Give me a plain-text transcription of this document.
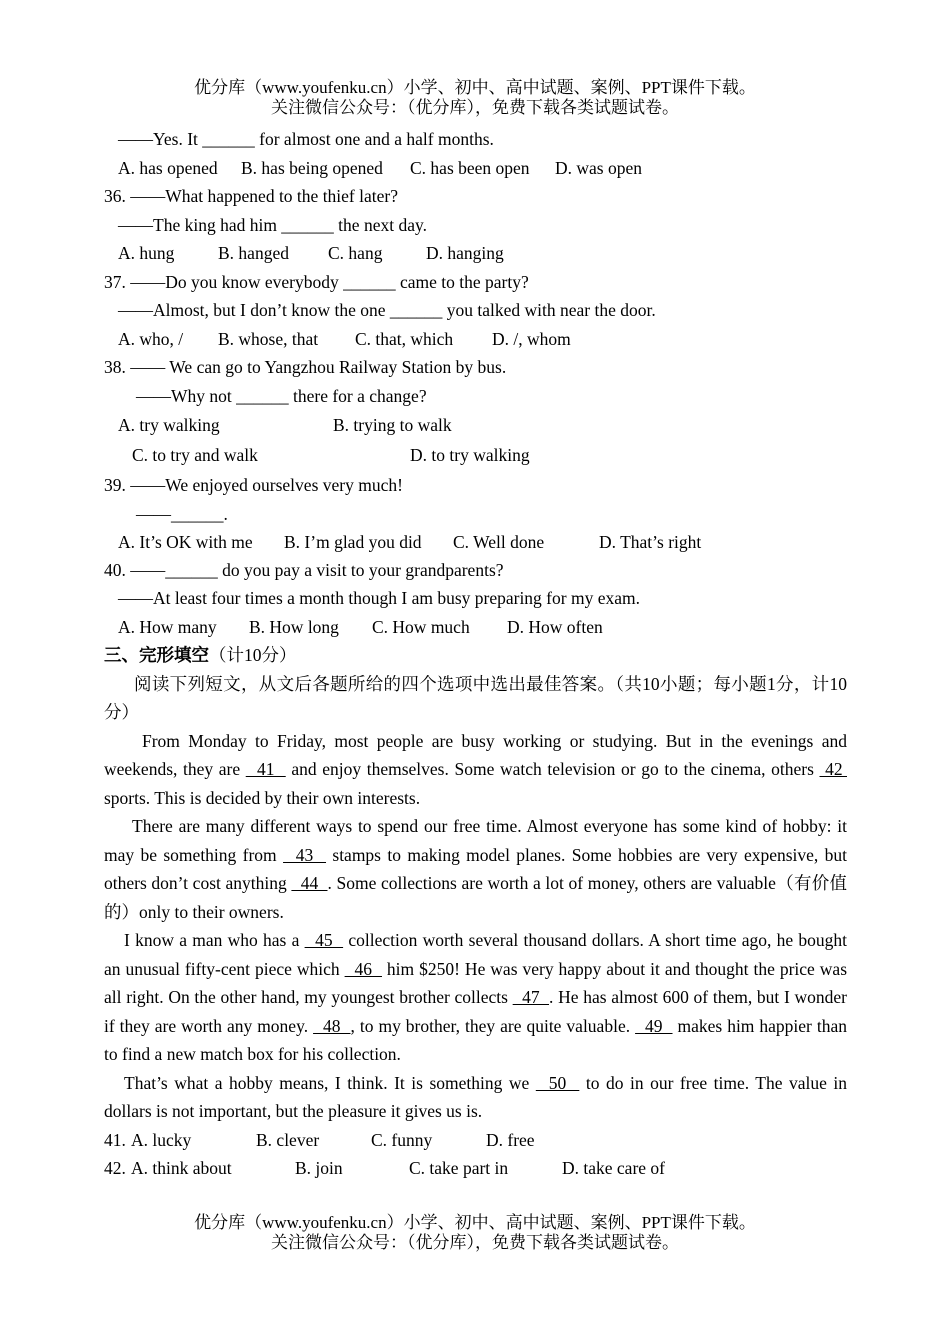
优分库（www.youfenku.cn）小学、初中、高中试题、案例、PPT课件下载。
关注微信公众号：（优分库），免费下载各类试题试卷。
——Yes. It ______ for almost one and a half months.
A. has opened B. has being opened C. has been open D. was open
36. ——What happened to the thief later?
——The king had him ______ the next day.
A. hung B. hanged C. hang D. hanging
37. ——Do you know everybody ______ came to the party?
——Almost, but I don’t know the one ______ you talked with near the door.
A. who, / B. whose, that C. that, which D. /, whom
38. —— We can go to Yangzhou Railway Station by bus.
——Why not ______ there for a change?
A. try walking	B. trying to walk
C. to try and walk	D. to try walking
39. ——We enjoyed ourselves very much!
——______.
A. It’s OK with me B. I’m glad you did C. Well done	D. That’s right
40. ——______ do you pay a visit to your grandparents?
——At least four times a month though I am busy preparing for my exam.
A. How many B. How long C. How much D. How often
三、完形填空（计10分）

阅读下列短文，从文后各题所给的四个选项中选出最佳答案。（共10小题；每小题1分，计10分）

From Monday to Friday, most people are busy working or studying. But in the evenings and weekends, they are   41   and enjoy themselves. Some watch television or go to the cinema, others  42  sports. This is decided by their own interests.

There are many different ways to spend our free time. Almost everyone has some kind of hobby: it may be something from   43   stamps to making model planes. Some hobbies are very expensive, but others don’t cost anything   44  . Some collections are worth a lot of money, others are valuable（有价值的）only to their owners.

I know a man who has a   45   collection worth several thousand dollars. A short time ago, he bought an unusual fifty-cent piece which   46   him $250! He was very happy about it and thought the price was all right. On the other hand, my youngest brother collects   47  . He has almost 600 of them, but I wonder if they are worth any money.   48  , to my brother, they are quite valuable.   49   makes him happier than to find a new match box for his collection.

That’s what a hobby means, I think. It is something we   50   to do in our free time. The value in dollars is not important, but the pleasure it gives us is.

41. A. lucky	B. clever	C. funny	D. free
42. A. think about	B. join	C. take part in	D. take care of
优分库（www.youfenku.cn）小学、初中、高中试题、案例、PPT课件下载。
关注微信公众号：（优分库），免费下载各类试题试卷。
